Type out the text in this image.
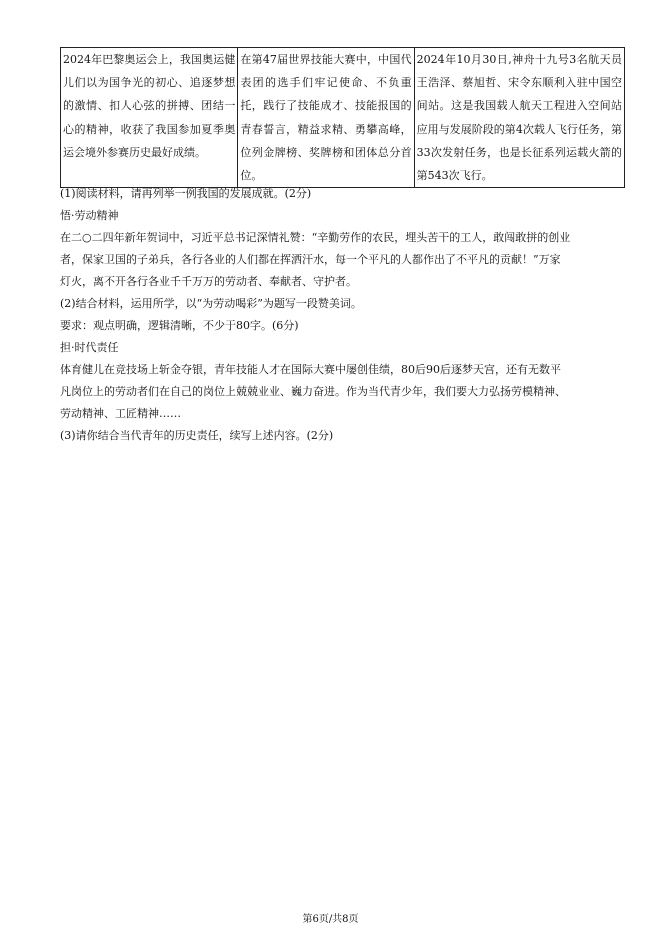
2024年巴黎奥运会上，我国奥运健儿们以为国争光的初心、追逐梦想的激情、扣人心弦的拼搏、团结一心的精神，收获了我国参加夏季奥运会境外参赛历史最好成绩。	在第47届世界技能大赛中，中国代表团的选手们牢记使命、不负重托，践行了技能成才、技能报国的青春誓言，精益求精、勇攀高峰，位列金牌榜、奖牌榜和团体总分首位。	2024年10月30日,神舟十九号3名航天员王浩泽、蔡旭哲、宋令东顺利入驻中国空间站。这是我国载人航天工程进入空间站应用与发展阶段的第4次载人飞行任务，第33次发射任务，也是长征系列运载火箭的第543次飞行。
(1)阅读材料，请再列举一例我国的发展成就。(2分)
悟·劳动精神
在二○二四年新年贺词中，习近平总书记深情礼赞：“辛勤劳作的农民，埋头苦干的工人，敢闯敢拼的创业
者，保家卫国的子弟兵，各行各业的人们都在挥洒汗水，每一个平凡的人都作出了不平凡的贡献！”万家
灯火，离不开各行各业千千万万的劳动者、奉献者、守护者。
(2)结合材料，运用所学，以“为劳动喝彩”为题写一段赞美词。
要求：观点明确，逻辑清晰，不少于80字。(6分)
担·时代责任
体育健儿在竞技场上斩金夺银，青年技能人才在国际大赛中屡创佳绩，80后90后逐梦天宫，还有无数平
凡岗位上的劳动者们在自己的岗位上兢兢业业、巍力奋进。作为当代青少年，我们要大力弘扬劳模精神、
劳动精神、工匠精神……
(3)请你结合当代青年的历史责任，续写上述内容。(2分)
第6页/共8页
